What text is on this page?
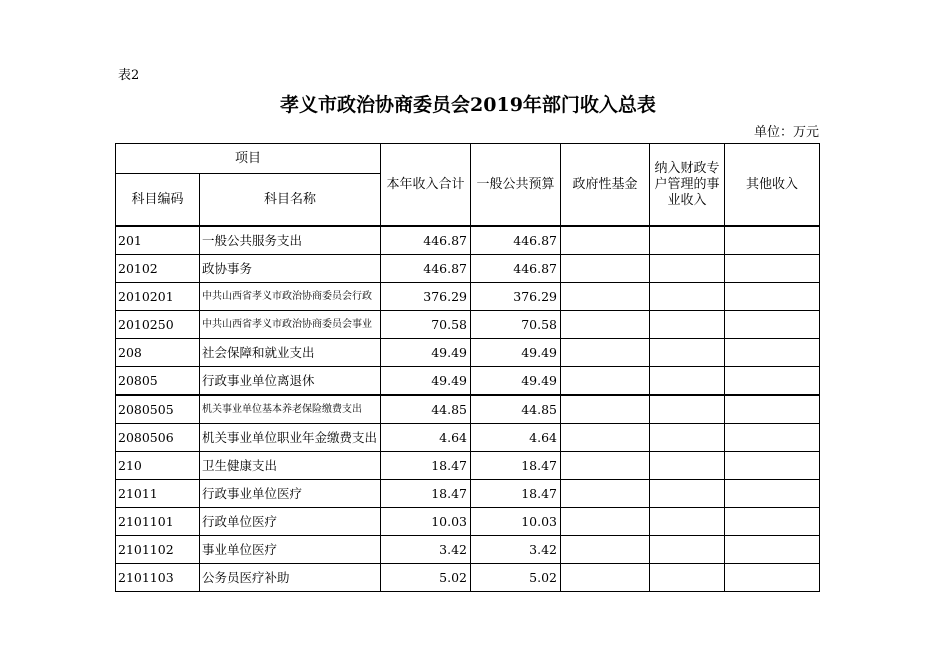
表2
孝义市政治协商委员会2019年部门收入总表
单位：万元
项目		本年收入合计	一般公共预算	政府性基金	纳入财政专户管理的事业收入	其他收入
科目编码	科目名称					
201	一般公共服务支出	446.87	446.87			
20102	政协事务	446.87	446.87			
2010201	中共山西省孝义市政治协商委员会行政	376.29	376.29			
2010250	中共山西省孝义市政治协商委员会事业	70.58	70.58			
208	社会保障和就业支出	49.49	49.49			
20805	行政事业单位离退休	49.49	49.49			
2080505	机关事业单位基本养老保险缴费支出	44.85	44.85			
2080506	机关事业单位职业年金缴费支出	4.64	4.64			
210	卫生健康支出	18.47	18.47			
21011	行政事业单位医疗	18.47	18.47			
2101101	行政单位医疗	10.03	10.03			
2101102	事业单位医疗	3.42	3.42			
2101103	公务员医疗补助	5.02	5.02			
